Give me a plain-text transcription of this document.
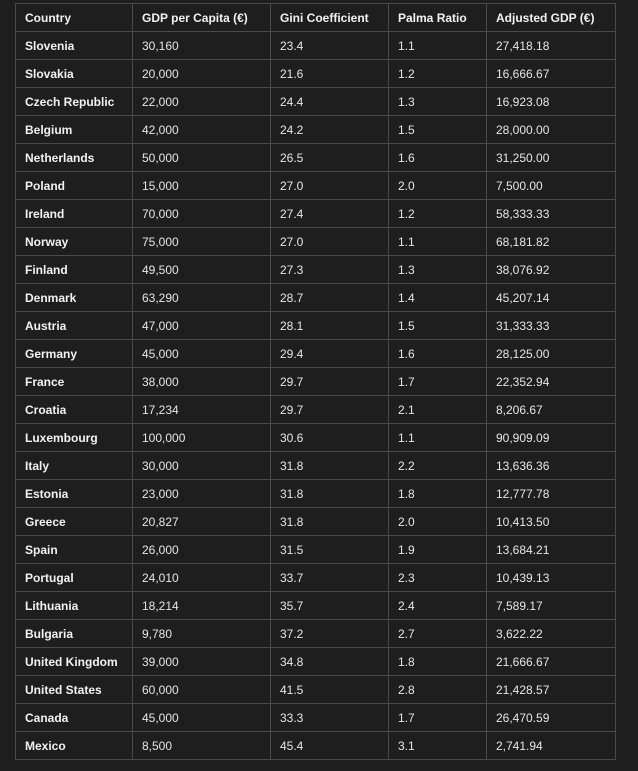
Country	GDP per Capita (€)	Gini Coefficient	Palma Ratio	Adjusted GDP (€)
Slovenia	30,160	23.4	1.1	27,418.18
Slovakia	20,000	21.6	1.2	16,666.67
Czech Republic	22,000	24.4	1.3	16,923.08
Belgium	42,000	24.2	1.5	28,000.00
Netherlands	50,000	26.5	1.6	31,250.00
Poland	15,000	27.0	2.0	7,500.00
Ireland	70,000	27.4	1.2	58,333.33
Norway	75,000	27.0	1.1	68,181.82
Finland	49,500	27.3	1.3	38,076.92
Denmark	63,290	28.7	1.4	45,207.14
Austria	47,000	28.1	1.5	31,333.33
Germany	45,000	29.4	1.6	28,125.00
France	38,000	29.7	1.7	22,352.94
Croatia	17,234	29.7	2.1	8,206.67
Luxembourg	100,000	30.6	1.1	90,909.09
Italy	30,000	31.8	2.2	13,636.36
Estonia	23,000	31.8	1.8	12,777.78
Greece	20,827	31.8	2.0	10,413.50
Spain	26,000	31.5	1.9	13,684.21
Portugal	24,010	33.7	2.3	10,439.13
Lithuania	18,214	35.7	2.4	7,589.17
Bulgaria	9,780	37.2	2.7	3,622.22
United Kingdom	39,000	34.8	1.8	21,666.67
United States	60,000	41.5	2.8	21,428.57
Canada	45,000	33.3	1.7	26,470.59
Mexico	8,500	45.4	3.1	2,741.94
